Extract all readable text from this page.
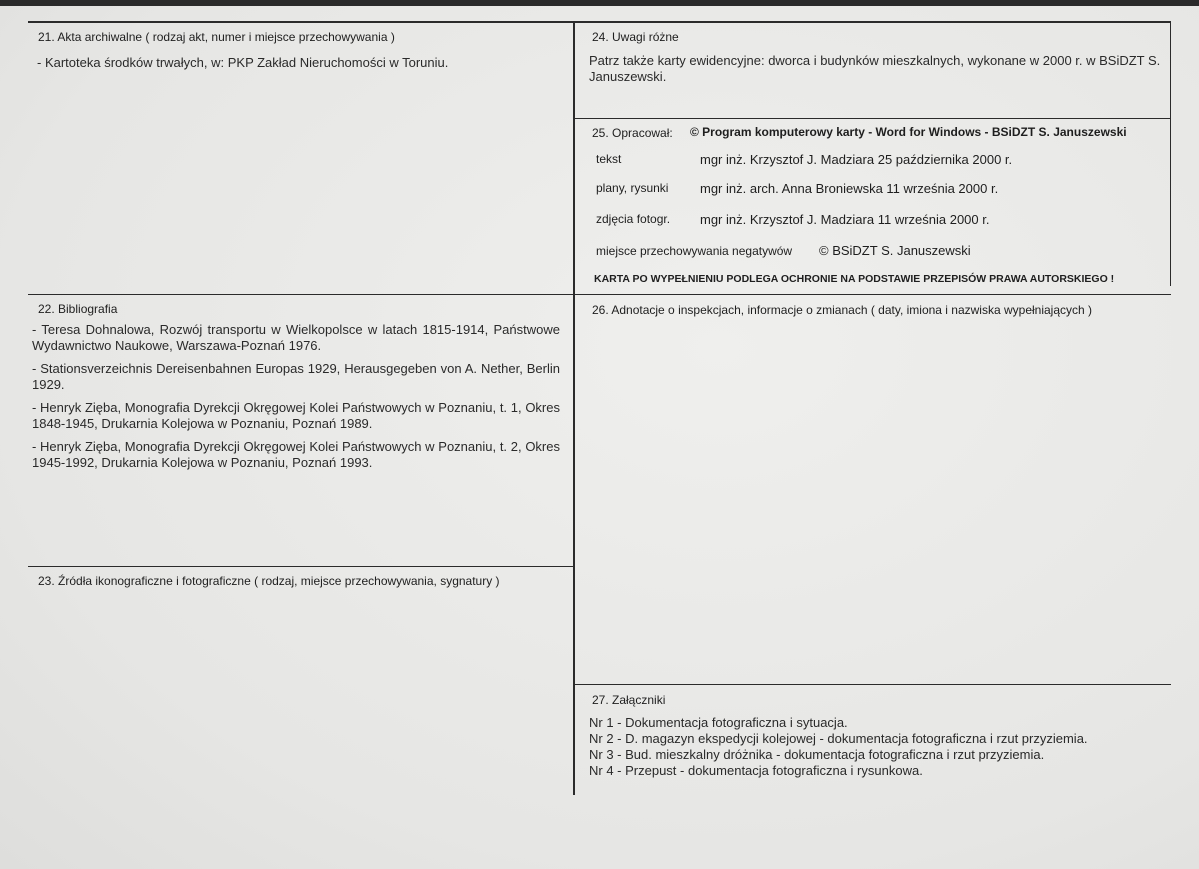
21. Akta archiwalne ( rodzaj akt, numer i miejsce przechowywania )
- Kartoteka środków trwałych, w: PKP Zakład Nieruchomości w Toruniu.
24. Uwagi różne
Patrz także karty ewidencyjne: dworca i budynków mieszkalnych, wykonane w 2000 r. w BSiDZT S. Januszewski.
25. Opracował: © Program komputerowy karty - Word for Windows - BSiDZT S. Januszewski
tekst	mgr inż. Krzysztof J. Madziara 25 października 2000 r.
plany, rysunki mgr inż. arch. Anna Broniewska 11 września 2000 r.
zdjęcia fotogr. mgr inż. Krzysztof J. Madziara 11 września 2000 r.
miejsce przechowywania negatywów © BSiDZT S. Januszewski
KARTA PO WYPEŁNIENIU PODLEGA OCHRONIE NA PODSTAWIE PRZEPISÓW PRAWA AUTORSKIEGO !
22. Bibliografia
- Teresa Dohnalowa, Rozwój transportu w Wielkopolsce w latach 1815-1914, Państwowe Wydawnictwo Naukowe, Warszawa-Poznań 1976.
- Stationsverzeichnis Dereisenbahnen Europas 1929, Herausgegeben von A. Nether, Berlin 1929.
- Henryk Zięba, Monografia Dyrekcji Okręgowej Kolei Państwowych w Poznaniu, t. 1, Okres 1848-1945, Drukarnia Kolejowa w Poznaniu, Poznań 1989.
- Henryk Zięba, Monografia Dyrekcji Okręgowej Kolei Państwowych w Poznaniu, t. 2, Okres 1945-1992, Drukarnia Kolejowa w Poznaniu, Poznań 1993.
26. Adnotacje o inspekcjach, informacje o zmianach ( daty, imiona i nazwiska wypełniających )
23. Źródła ikonograficzne i fotograficzne ( rodzaj, miejsce przechowywania, sygnatury )
27. Załączniki
Nr 1 - Dokumentacja fotograficzna i sytuacja.
Nr 2 - D. magazyn ekspedycji kolejowej - dokumentacja fotograficzna i rzut przyziemia.
Nr 3 - Bud. mieszkalny dróżnika - dokumentacja fotograficzna i rzut przyziemia.
Nr 4 - Przepust - dokumentacja fotograficzna i rysunkowa.
